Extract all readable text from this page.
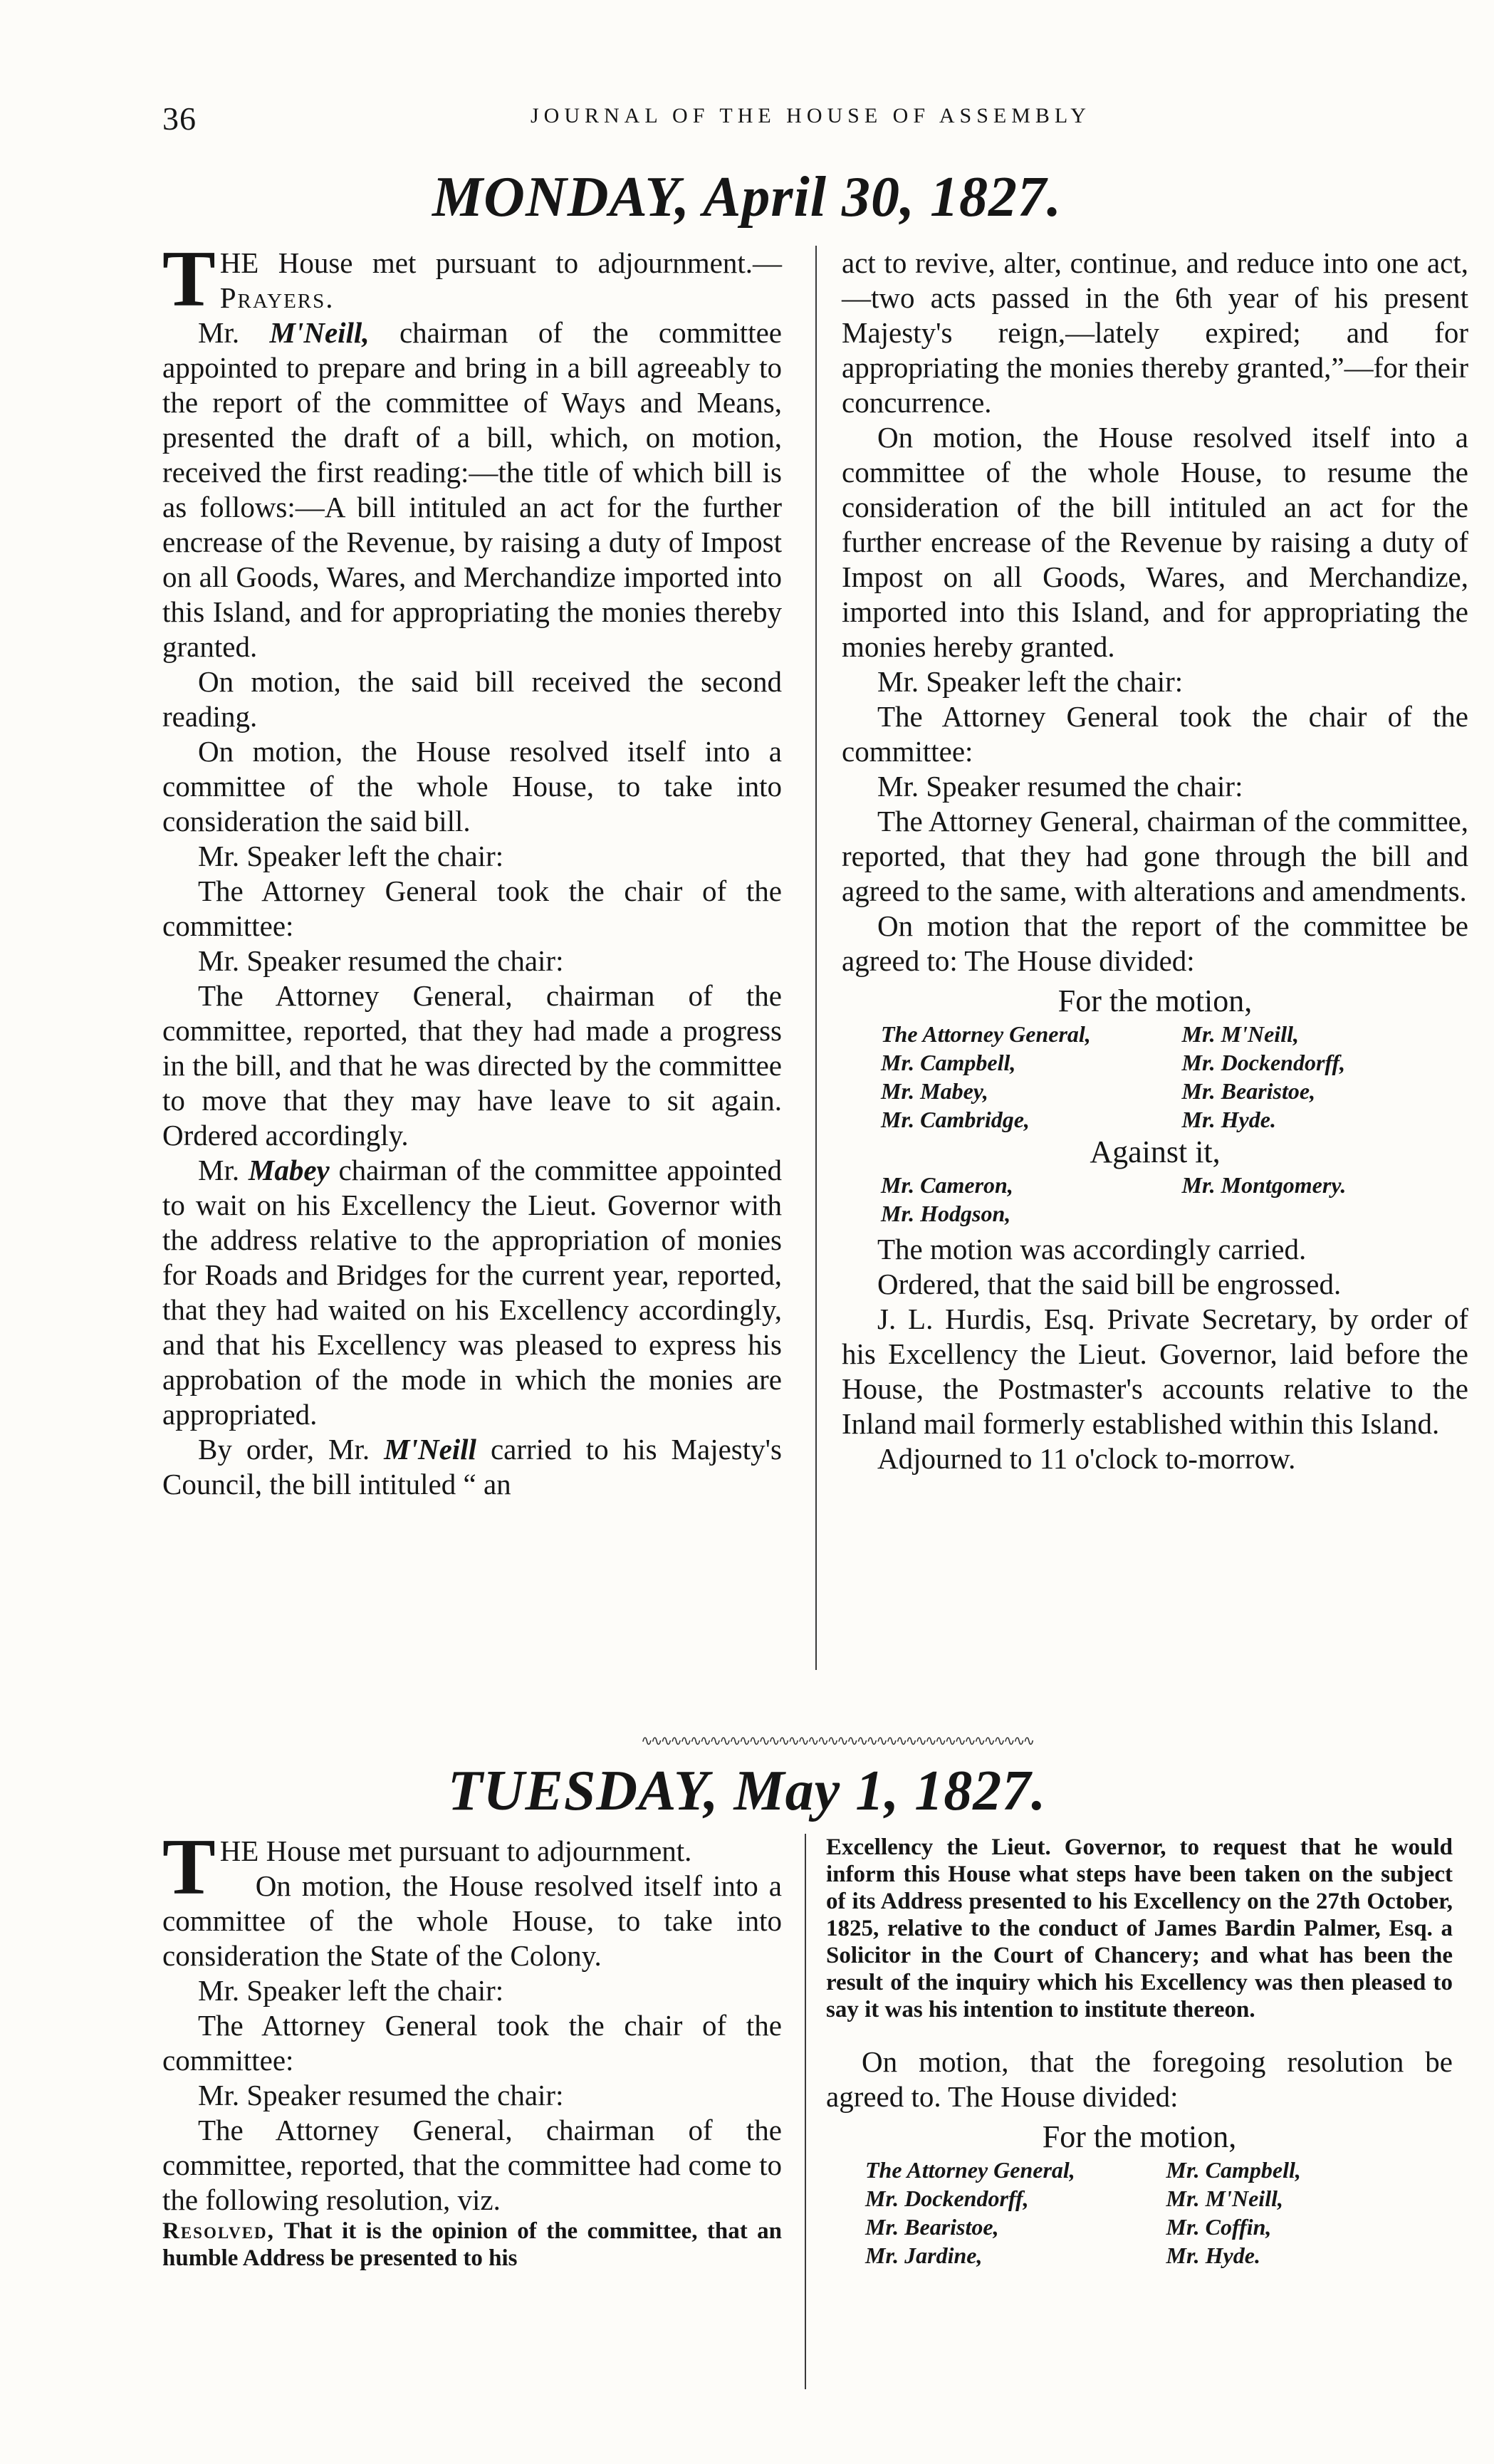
36	JOURNAL OF THE HOUSE OF ASSEMBLY
MONDAY, April 30, 1827.

THE House met pursuant to adjournment.—Prayers.

Mr. M'Neill, chairman of the committee appointed to prepare and bring in a bill agreeably to the report of the committee of Ways and Means, presented the draft of a bill, which, on motion, received the first reading:—the title of which bill is as follows:—A bill intituled an act for the further encrease of the Revenue, by raising a duty of Impost on all Goods, Wares, and Merchandize imported into this Island, and for appropriating the monies thereby granted.

On motion, the said bill received the second reading.

On motion, the House resolved itself into a committee of the whole House, to take into consideration the said bill.

Mr. Speaker left the chair:

The Attorney General took the chair of the committee:

Mr. Speaker resumed the chair:

The Attorney General, chairman of the committee, reported, that they had made a progress in the bill, and that he was directed by the committee to move that they may have leave to sit again. Ordered accordingly.

Mr. Mabey chairman of the committee appointed to wait on his Excellency the Lieut. Governor with the address relative to the appropriation of monies for Roads and Bridges for the current year, reported, that they had waited on his Excellency accordingly, and that his Excellency was pleased to express his approbation of the mode in which the monies are appropriated.

By order, Mr. M'Neill carried to his Majesty's Council, the bill intituled “ an

act to revive, alter, continue, and reduce into one act,—two acts passed in the 6th year of his present Majesty's reign,—lately expired; and for appropriating the monies thereby granted,”—for their concurrence.

On motion, the House resolved itself into a committee of the whole House, to resume the consideration of the bill intituled an act for the further encrease of the Revenue by raising a duty of Impost on all Goods, Wares, and Merchandize, imported into this Island, and for appropriating the monies hereby granted.

Mr. Speaker left the chair:

The Attorney General took the chair of the committee:

Mr. Speaker resumed the chair:

The Attorney General, chairman of the committee, reported, that they had gone through the bill and agreed to the same, with alterations and amendments.

On motion that the report of the committee be agreed to: The House divided:

For the motion,
The Attorney General,	Mr. M'Neill,
Mr. Campbell,	Mr. Dockendorff,
Mr. Mabey,	Mr. Bearistoe,
Mr. Cambridge,	Mr. Hyde.
Against it,
Mr. Cameron,	Mr. Montgomery.
Mr. Hodgson,

The motion was accordingly carried.

Ordered, that the said bill be engrossed.

J. L. Hurdis, Esq. Private Secretary, by order of his Excellency the Lieut. Governor, laid before the House, the Postmaster's accounts relative to the Inland mail formerly established within this Island.

Adjourned to 11 o'clock to-morrow.

∿∿∿∿∿∿∿∿∿∿∿∿∿∿∿∿∿∿∿∿∿∿∿∿∿∿∿∿∿∿∿∿∿∿∿∿∿∿∿∿
TUESDAY, May 1, 1827.

THE House met pursuant to adjournment.

On motion, the House resolved itself into a committee of the whole House, to take into consideration the State of the Colony.

Mr. Speaker left the chair:

The Attorney General took the chair of the committee:

Mr. Speaker resumed the chair:

The Attorney General, chairman of the committee, reported, that the committee had come to the following resolution, viz.

Resolved, That it is the opinion of the committee, that an humble Address be presented to his

Excellency the Lieut. Governor, to request that he would inform this House what steps have been taken on the subject of its Address presented to his Excellency on the 27th October, 1825, relative to the conduct of James Bardin Palmer, Esq. a Solicitor in the Court of Chancery; and what has been the result of the inquiry which his Excellency was then pleased to say it was his intention to institute thereon.

On motion, that the foregoing resolution be agreed to. The House divided:

For the motion,
The Attorney General,	Mr. Campbell,
Mr. Dockendorff,	Mr. M'Neill,
Mr. Bearistoe,	Mr. Coffin,
Mr. Jardine,	Mr. Hyde.
